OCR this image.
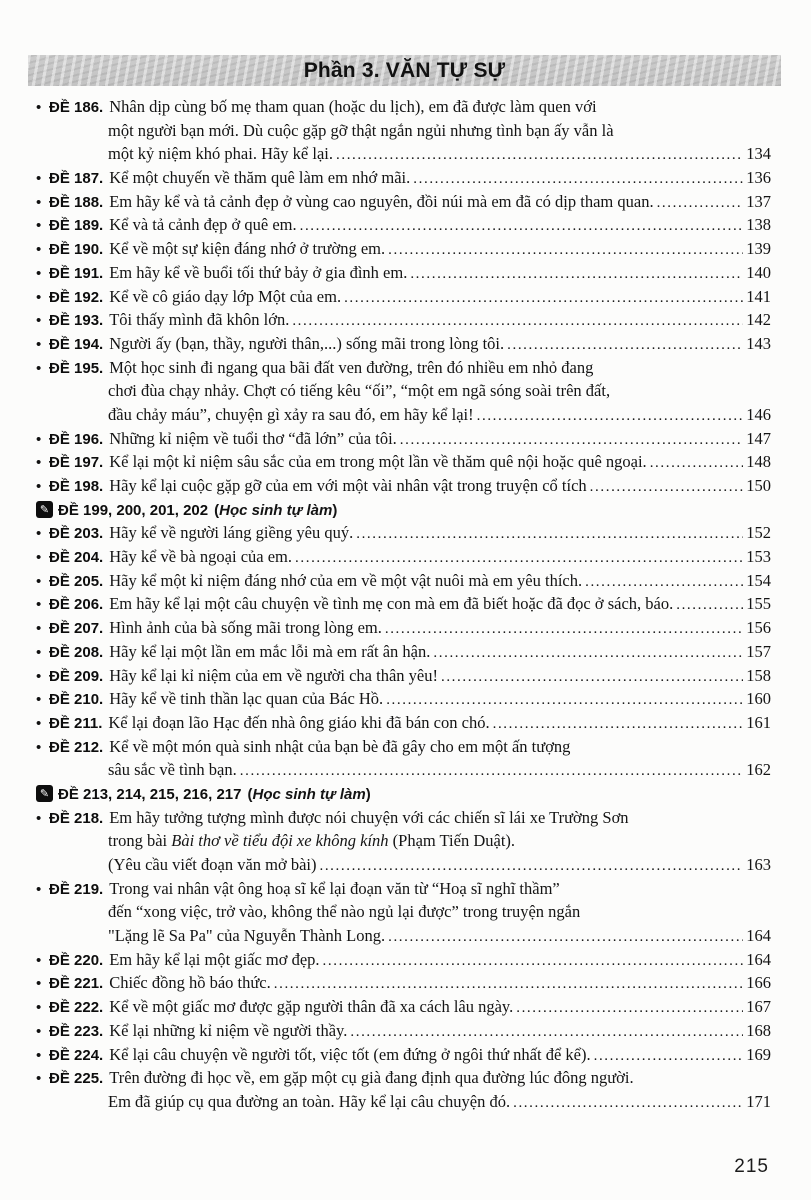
Phần 3. VĂN TỰ SỰ
• ĐỀ 186. Nhân dịp cùng bố mẹ tham quan (hoặc du lịch), em đã được làm quen với
một người bạn mới. Dù cuộc gặp gỡ thật ngắn ngủi nhưng tình bạn ấy vẫn là
một kỷ niệm khó phai. Hãy kể lại. .....	134
• ĐỀ 187. Kể một chuyến về thăm quê làm em nhớ mãi. .....	136
• ĐỀ 188. Em hãy kể và tả cảnh đẹp ở vùng cao nguyên, đồi núi mà em đã có dịp tham quan. .....	137
• ĐỀ 189. Kể và tả cảnh đẹp ở quê em. .....	138
• ĐỀ 190. Kể về một sự kiện đáng nhớ ở trường em. .....	139
• ĐỀ 191. Em hãy kể về buổi tối thứ bảy ở gia đình em. .....	140
• ĐỀ 192. Kể về cô giáo dạy lớp Một của em. .....	141
• ĐỀ 193. Tôi thấy mình đã khôn lớn. .....	142
• ĐỀ 194. Người ấy (bạn, thầy, người thân,...) sống mãi trong lòng tôi. .....	143
• ĐỀ 195. Một học sinh đi ngang qua bãi đất ven đường, trên đó nhiều em nhỏ đang
chơi đùa chạy nhảy. Chợt có tiếng kêu “ối”, “một em ngã sóng soài trên đất,
đầu chảy máu”, chuyện gì xảy ra sau đó, em hãy kể lại! .....	146
• ĐỀ 196. Những kỉ niệm về tuổi thơ “đã lớn” của tôi. .....	147
• ĐỀ 197. Kể lại một kỉ niệm sâu sắc của em trong một lần về thăm quê nội hoặc quê ngoại. .....	148
• ĐỀ 198. Hãy kể lại cuộc gặp gỡ của em với một vài nhân vật trong truyện cổ tích .....	150
✎ ĐỀ 199, 200, 201, 202 (Học sinh tự làm)
• ĐỀ 203. Hãy kể về người láng giềng yêu quý. .....	152
• ĐỀ 204. Hãy kể về bà ngoại của em. .....	153
• ĐỀ 205. Hãy kể một kỉ niệm đáng nhớ của em về một vật nuôi mà em yêu thích. .....	154
• ĐỀ 206. Em hãy kể lại một câu chuyện về tình mẹ con mà em đã biết hoặc đã đọc ở sách, báo. .....	155
• ĐỀ 207. Hình ảnh của bà sống mãi trong lòng em. .....	156
• ĐỀ 208. Hãy kể lại một lần em mắc lỗi mà em rất ân hận. .....	157
• ĐỀ 209. Hãy kể lại kỉ niệm của em về người cha thân yêu! .....	158
• ĐỀ 210. Hãy kể về tinh thần lạc quan của Bác Hồ. .....	160
• ĐỀ 211. Kể lại đoạn lão Hạc đến nhà ông giáo khi đã bán con chó. .....	161
• ĐỀ 212. Kể về một món quà sinh nhật của bạn bè đã gây cho em một ấn tượng
sâu sắc về tình bạn. .....	162
✎ ĐỀ 213, 214, 215, 216, 217 (Học sinh tự làm)
• ĐỀ 218. Em hãy tưởng tượng mình được nói chuyện với các chiến sĩ lái xe Trường Sơn
trong bài Bài thơ về tiểu đội xe không kính (Phạm Tiến Duật).
(Yêu cầu viết đoạn văn mở bài) .....	163
• ĐỀ 219. Trong vai nhân vật ông hoạ sĩ kể lại đoạn văn từ “Hoạ sĩ nghĩ thầm”
đến “xong việc, trở vào, không thể nào ngủ lại được” trong truyện ngắn
"Lặng lẽ Sa Pa" của Nguyễn Thành Long. .....	164
• ĐỀ 220. Em hãy kể lại một giấc mơ đẹp. .....	164
• ĐỀ 221. Chiếc đồng hồ báo thức. .....	166
• ĐỀ 222. Kể về một giấc mơ được gặp người thân đã xa cách lâu ngày. .....	167
• ĐỀ 223. Kể lại những kỉ niệm về người thầy. .....	168
• ĐỀ 224. Kể lại câu chuyện về người tốt, việc tốt (em đứng ở ngôi thứ nhất để kể). .....	169
• ĐỀ 225. Trên đường đi học về, em gặp một cụ già đang định qua đường lúc đông người.
Em đã giúp cụ qua đường an toàn. Hãy kể lại câu chuyện đó. .....	171
215
